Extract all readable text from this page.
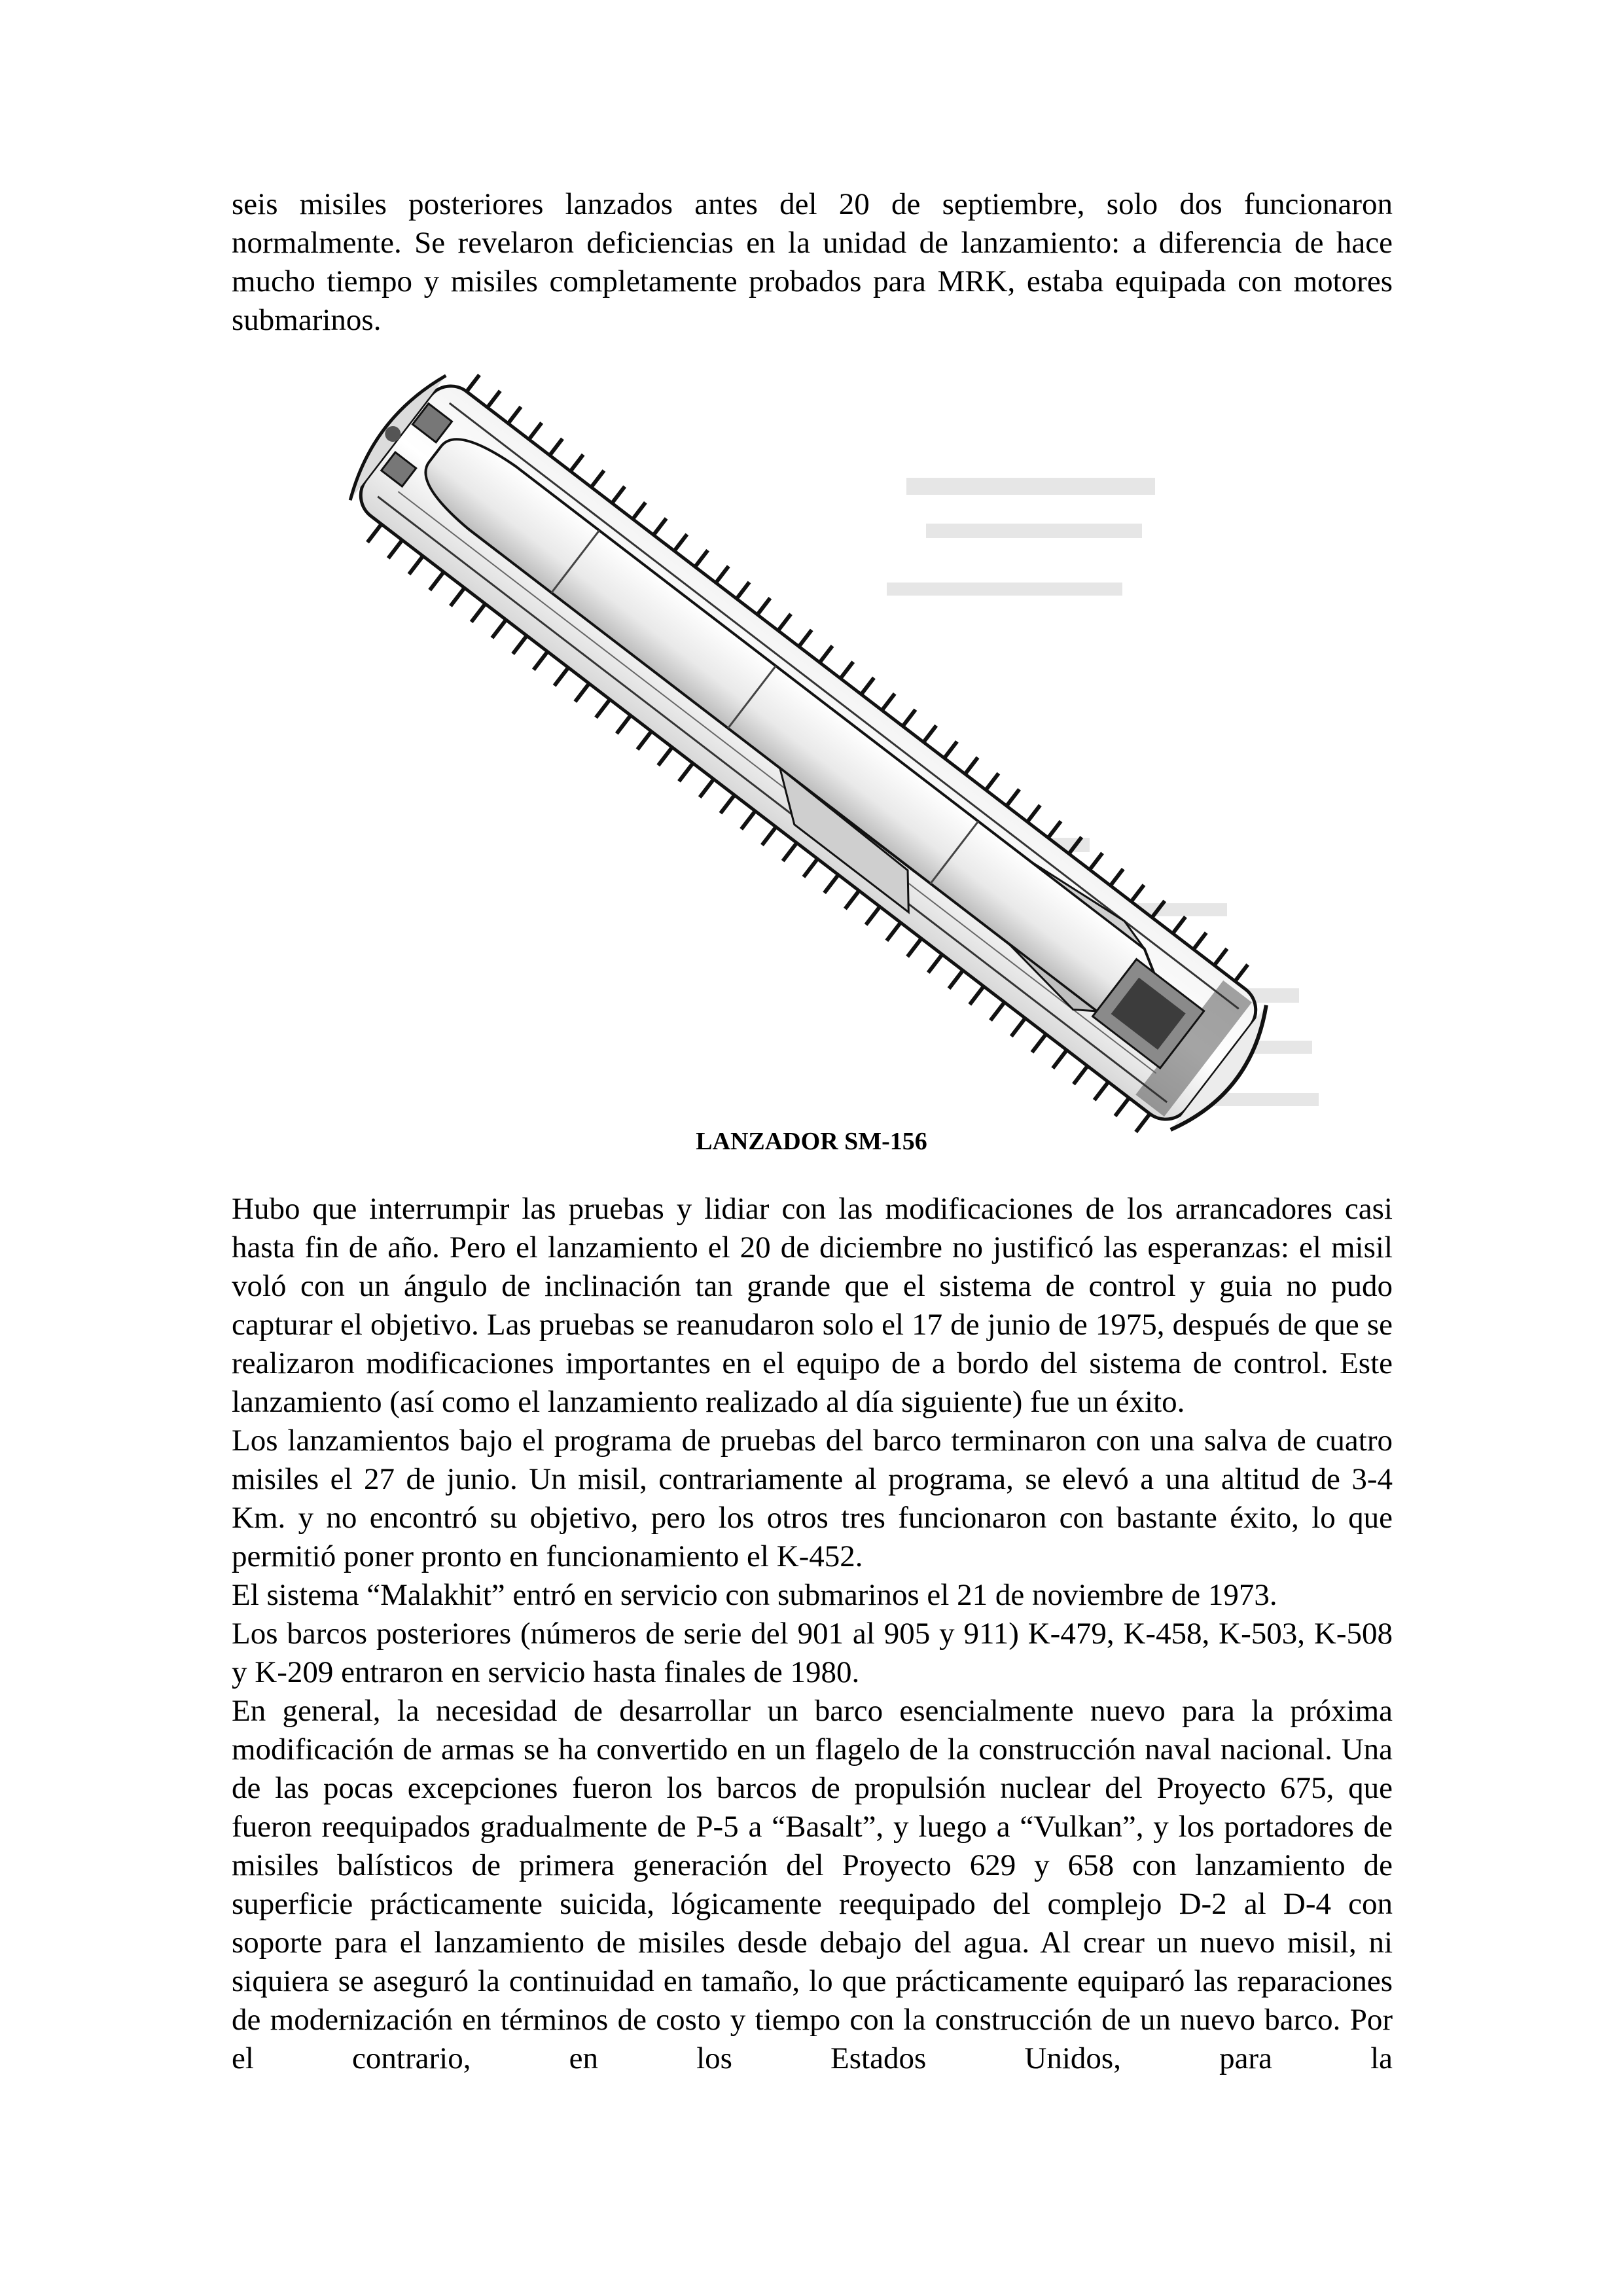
seis misiles posteriores lanzados antes del 20 de septiembre, solo dos funcionaron normalmente. Se revelaron deficiencias en la unidad de lanzamiento: a diferencia de hace mucho tiempo y misiles completamente probados para MRK, estaba equipada con motores submarinos.

LANZADOR SM-156

Hubo que interrumpir las pruebas y lidiar con las modificaciones de los arrancadores casi hasta fin de año. Pero el lanzamiento el 20 de diciembre no justificó las esperanzas: el misil voló con un ángulo de inclinación tan grande que el sistema de control y guia no pudo capturar el objetivo. Las pruebas se reanudaron solo el 17 de junio de 1975, después de que se realizaron modificaciones importantes en el equipo de a bordo del sistema de control. Este lanzamiento (así como el lanzamiento realizado al día siguiente) fue un éxito.

Los lanzamientos bajo el programa de pruebas del barco terminaron con una salva de cuatro misiles el 27 de junio. Un misil, contrariamente al programa, se elevó a una altitud de 3-4 Km. y no encontró su objetivo, pero los otros tres funcionaron con bastante éxito, lo que permitió poner pronto en funcionamiento el K-452.

El sistema “Malakhit” entró en servicio con submarinos el 21 de noviembre de 1973.

Los barcos posteriores (números de serie del 901 al 905 y 911) K-479, K-458, K-503, K-508 y K-209 entraron en servicio hasta finales de 1980.

En general, la necesidad de desarrollar un barco esencialmente nuevo para la próxima modificación de armas se ha convertido en un flagelo de la construcción naval nacional. Una de las pocas excepciones fueron los barcos de propulsión nuclear del Proyecto 675, que fueron reequipados gradualmente de P-5 a “Basalt”, y luego a “Vulkan”, y los portadores de misiles balísticos de primera generación del Proyecto 629 y 658 con lanzamiento de superficie prácticamente suicida, lógicamente reequipado del complejo D-2 al D-4 con soporte para el lanzamiento de misiles desde debajo del agua. Al crear un nuevo misil, ni siquiera se aseguró la continuidad en tamaño, lo que prácticamente equiparó las reparaciones de modernización en términos de costo y tiempo con la construcción de un nuevo barco. Por el contrario, en los Estados Unidos, para la
